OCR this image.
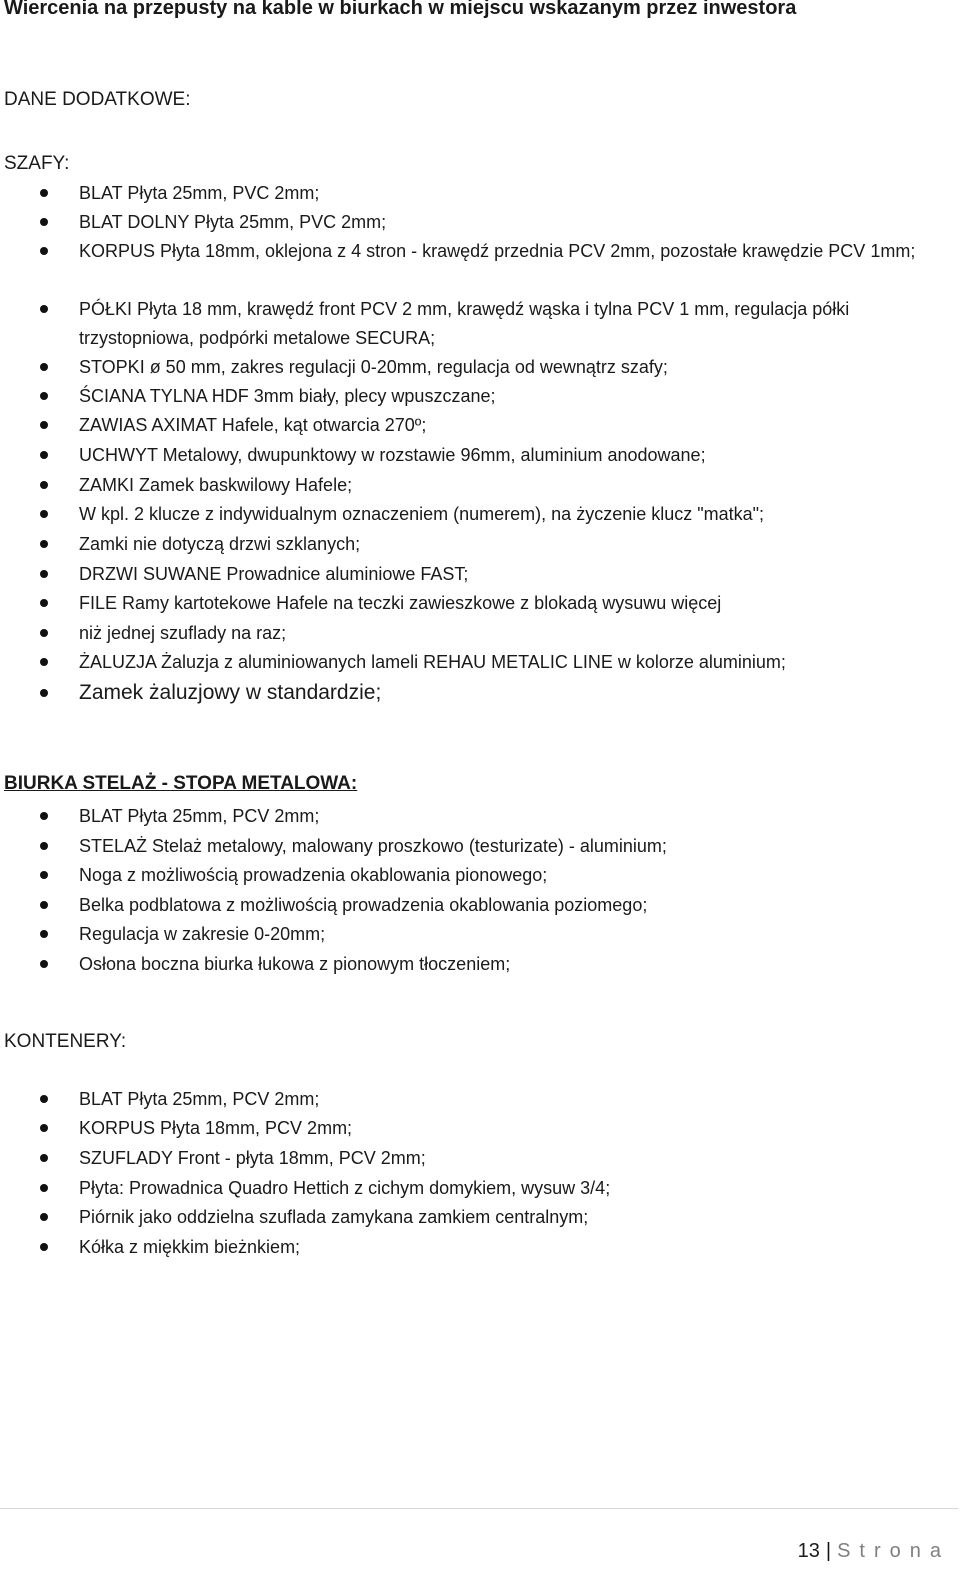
Wiercenia na przepusty na kable w biurkach w miejscu wskazanym przez inwestora
DANE DODATKOWE:
SZAFY:
BLAT Płyta 25mm, PVC 2mm;
BLAT DOLNY Płyta 25mm, PVC 2mm;
KORPUS Płyta 18mm, oklejona z 4 stron - krawędź przednia PCV 2mm, pozostałe krawędzie PCV 1mm;
PÓŁKI Płyta 18 mm, krawędź front PCV 2 mm, krawędź wąska i tylna PCV 1 mm, regulacja półki trzystopniowa, podpórki metalowe SECURA;
STOPKI ø 50 mm, zakres regulacji 0-20mm, regulacja od wewnątrz szafy;
ŚCIANA TYLNA HDF 3mm biały, plecy wpuszczane;
ZAWIAS AXIMAT Hafele, kąt otwarcia 270º;
UCHWYT Metalowy, dwupunktowy w rozstawie 96mm, aluminium anodowane;
ZAMKI Zamek baskwilowy Hafele;
W kpl. 2 klucze z indywidualnym oznaczeniem (numerem), na życzenie klucz "matka";
Zamki nie dotyczą drzwi szklanych;
DRZWI SUWANE Prowadnice aluminiowe FAST;
FILE Ramy kartotekowe Hafele na teczki zawieszkowe z blokadą wysuwu więcej
niż jednej szuflady na raz;
ŻALUZJA Żaluzja z aluminiowanych lameli REHAU METALIC LINE w kolorze aluminium;
Zamek żaluzjowy w standardzie;
BIURKA STELAŻ - STOPA METALOWA:
BLAT Płyta 25mm, PCV 2mm;
STELAŻ Stelaż metalowy, malowany proszkowo (testurizate) - aluminium;
Noga z możliwością prowadzenia okablowania pionowego;
Belka podblatowa z możliwością prowadzenia okablowania poziomego;
Regulacja w zakresie 0-20mm;
Osłona boczna biurka łukowa z pionowym tłoczeniem;
KONTENERY:
BLAT Płyta 25mm, PCV 2mm;
KORPUS Płyta 18mm, PCV 2mm;
SZUFLADY Front - płyta 18mm, PCV 2mm;
Płyta: Prowadnica Quadro Hettich z cichym domykiem, wysuw 3/4;
Piórnik jako oddzielna szuflada zamykana zamkiem centralnym;
Kółka z miękkim bieżnkiem;
13 | Strona
